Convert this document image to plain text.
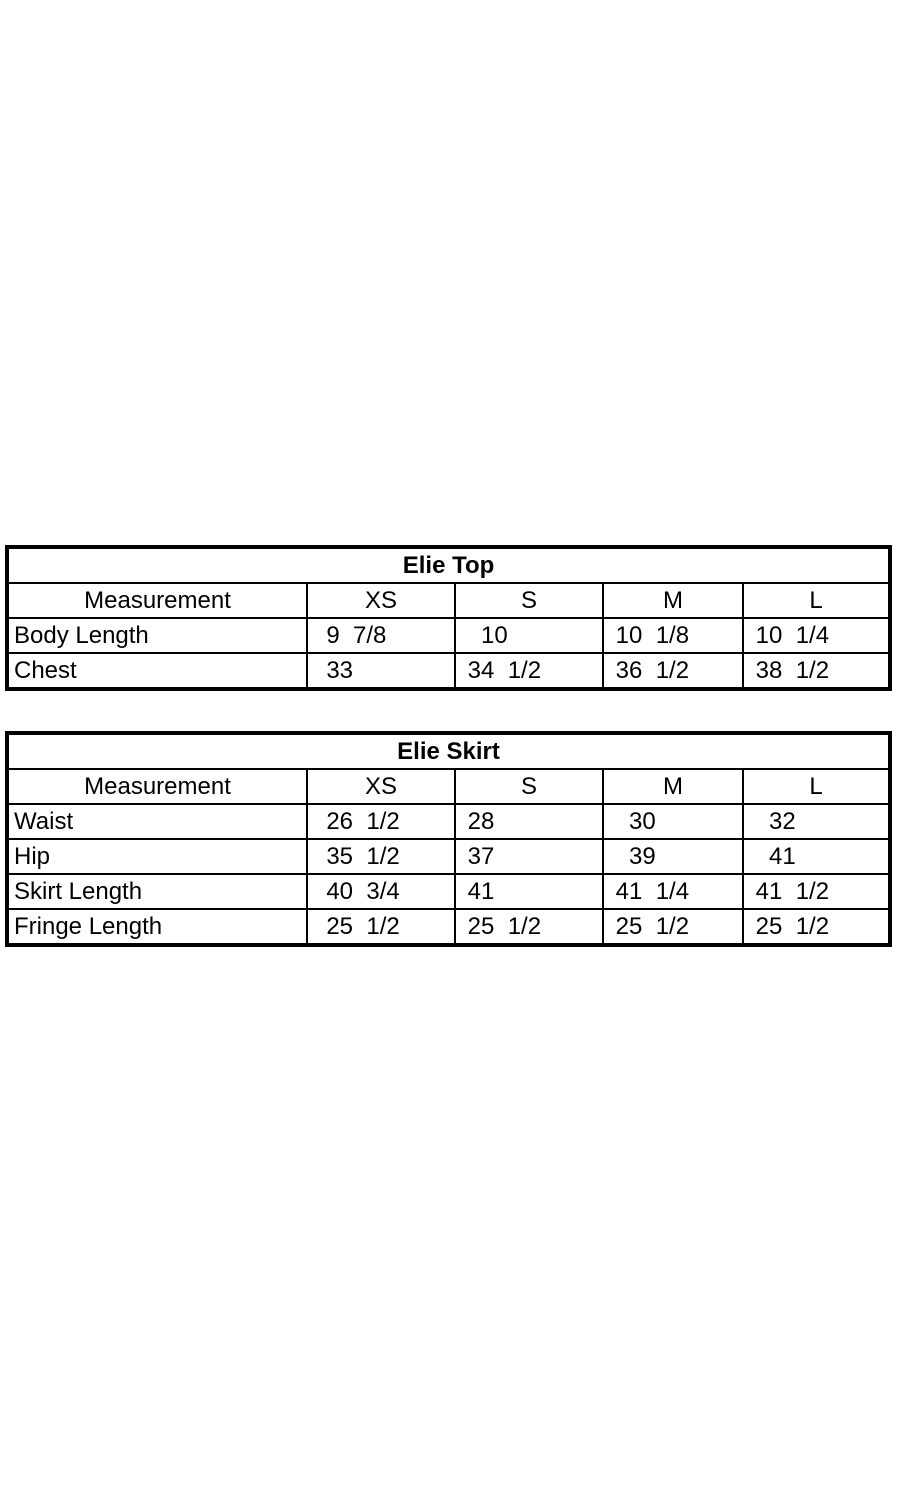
Elie Top				
Measurement	XS	S	M	L
Body Length	9  7/8	10	10  1/8	10  1/4
Chest	33	34  1/2	36  1/2	38  1/2
Elie Skirt				
Measurement	XS	S	M	L
Waist	26  1/2	28	30	32
Hip	35  1/2	37	39	41
Skirt Length	40  3/4	41	41  1/4	41  1/2
Fringe Length	25  1/2	25  1/2	25  1/2	25  1/2
